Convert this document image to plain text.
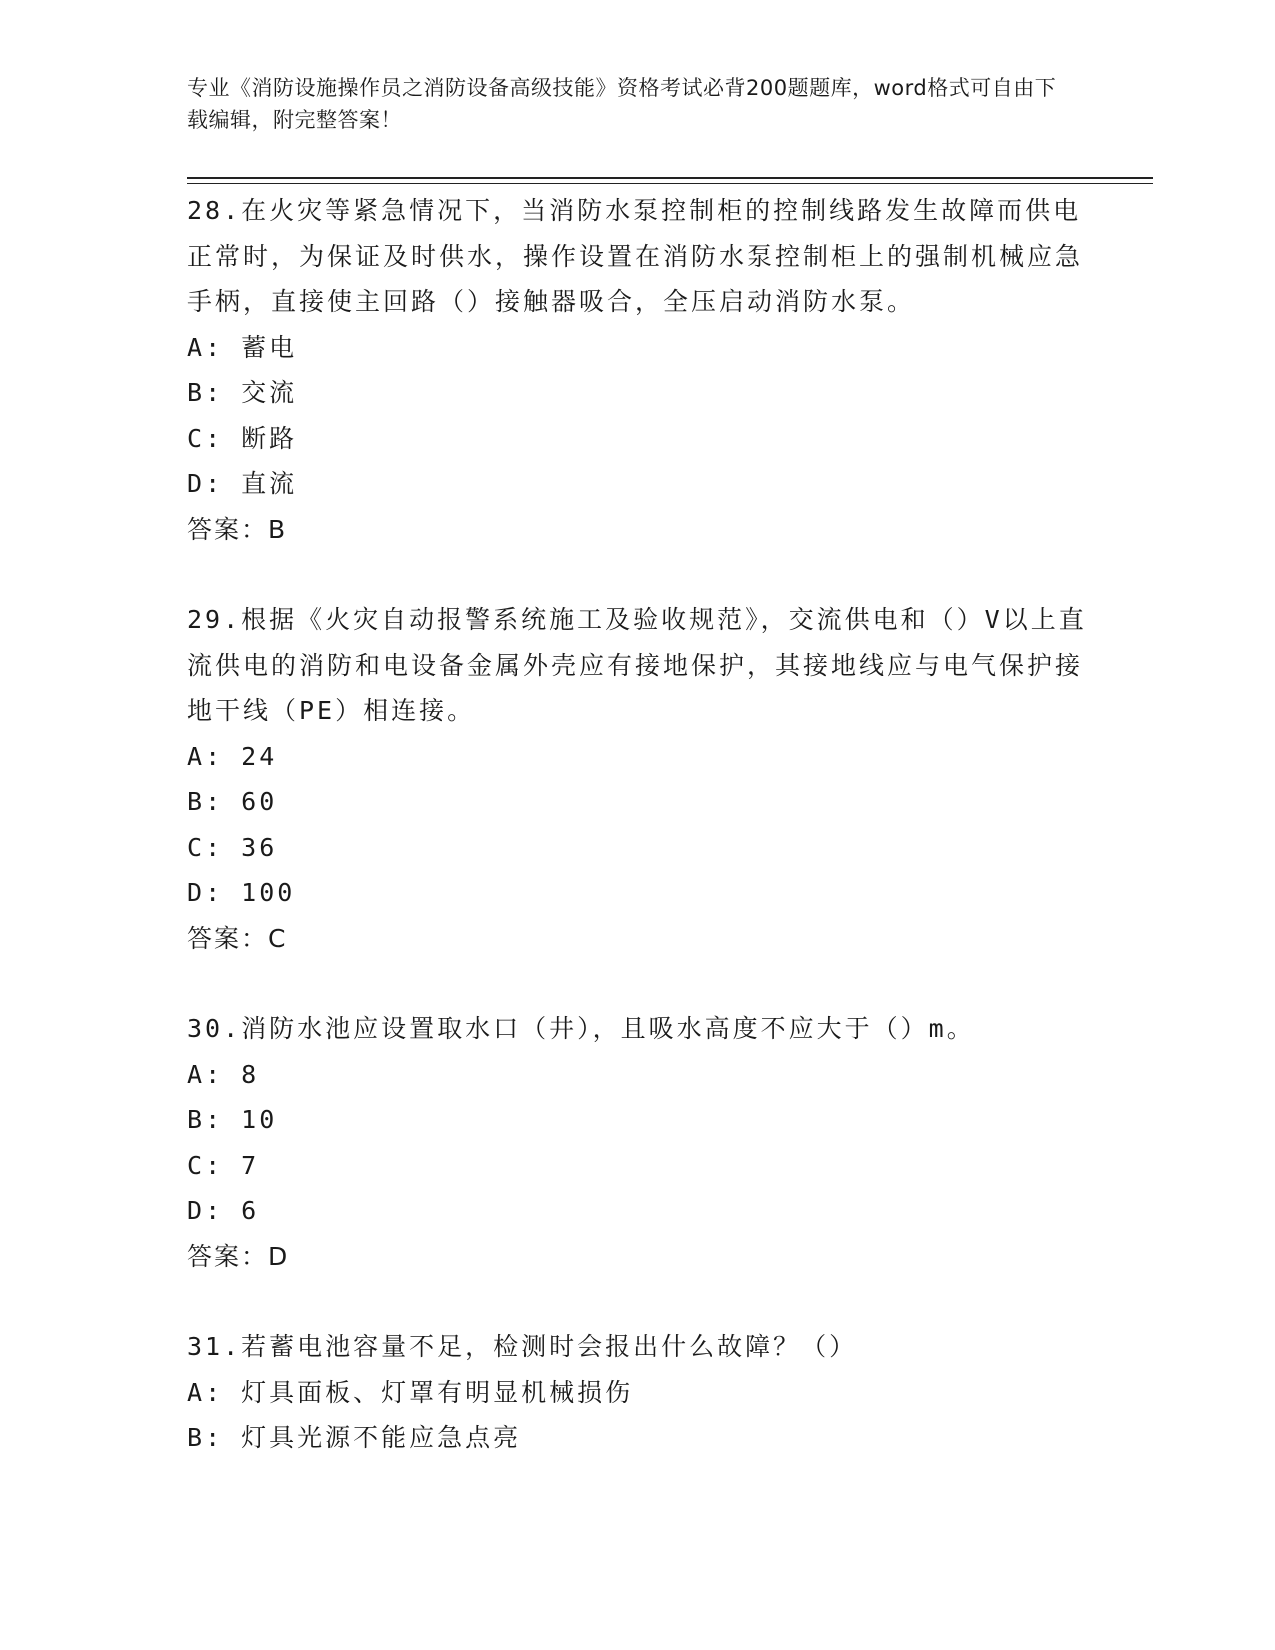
专业《消防设施操作员之消防设备高级技能》资格考试必背200题题库，word格式可自由下载编辑，附完整答案！
28.在火灾等紧急情况下，当消防水泵控制柜的控制线路发生故障而供电正常时，为保证及时供水，操作设置在消防水泵控制柜上的强制机械应急手柄，直接使主回路（）接触器吸合，全压启动消防水泵。
A: 蓄电
B: 交流
C: 断路
D: 直流
答案：B
29.根据《火灾自动报警系统施工及验收规范》，交流供电和（）V以上直流供电的消防和电设备金属外壳应有接地保护，其接地线应与电气保护接地干线（PE）相连接。
A: 24
B: 60
C: 36
D: 100
答案：C
30.消防水池应设置取水口（井），且吸水高度不应大于（）m。
A: 8
B: 10
C: 7
D: 6
答案：D
31.若蓄电池容量不足，检测时会报出什么故障？（）
A: 灯具面板、灯罩有明显机械损伤
B: 灯具光源不能应急点亮
